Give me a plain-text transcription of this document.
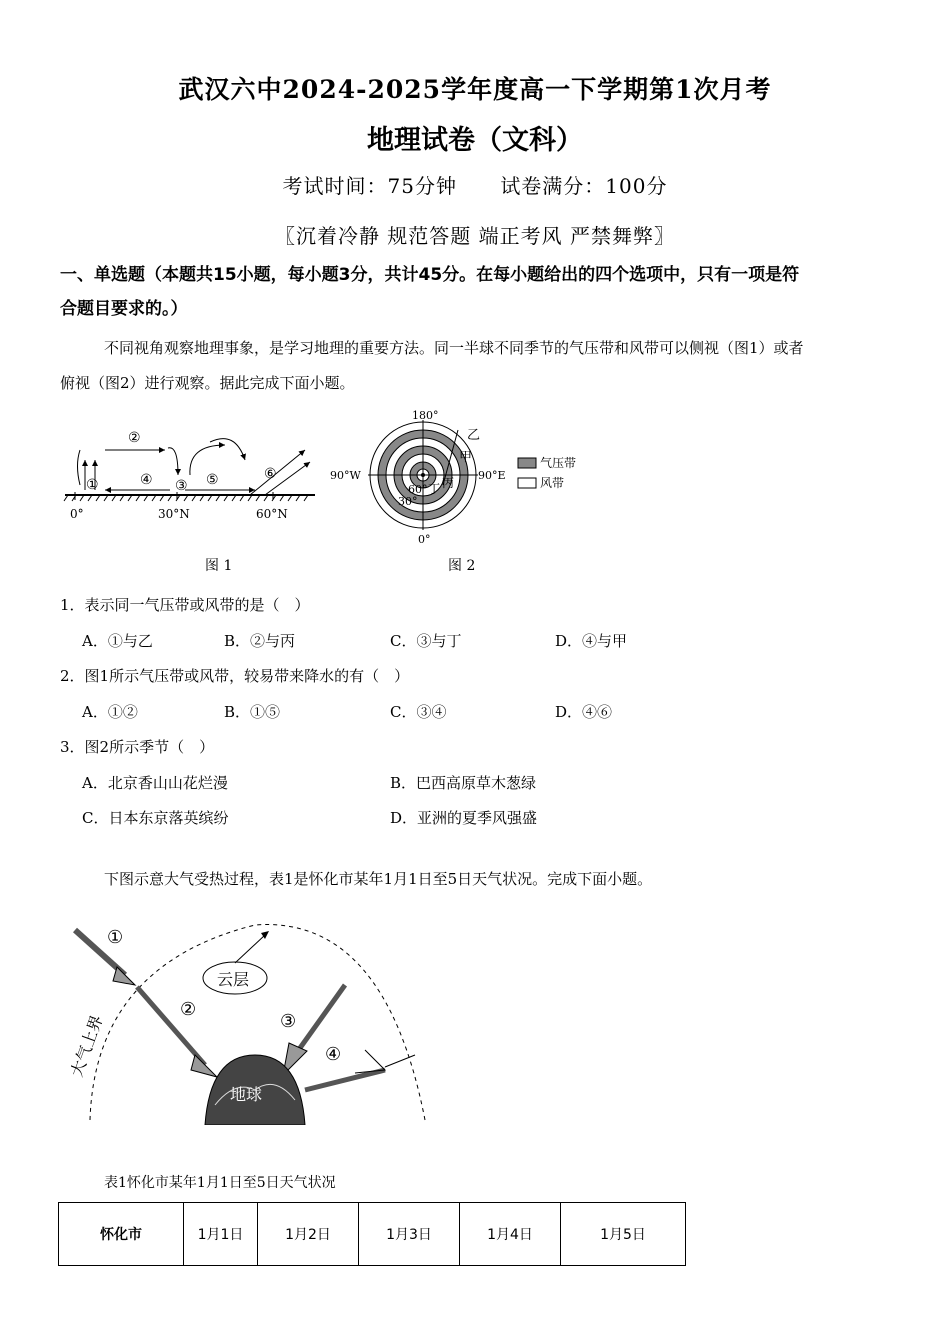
武汉六中2024-2025学年度高一下学期第1次月考
地理试卷（文科）
考试时间：75分钟 试卷满分：100分
〖沉着冷静 规范答题 端正考风 严禁舞弊〗
一、单选题（本题共15小题，每小题3分，共计45分。在每小题给出的四个选项中，只有一项是符
合题目要求的。）
不同视角观察地理事象，是学习地理的重要方法。同一半球不同季节的气压带和风带可以侧视（图1）或者
俯视（图2）进行观察。据此完成下面小题。
②
①	④ ③ ⑤	⑥
0°	30°N	60°N
图 1
180°
90°W	90°E
0°
乙
甲
丙
丁
60°
30°
气压带
风带
图 2
1．表示同一气压带或风带的是（　）
A．①与乙	B．②与丙	C．③与丁	D．④与甲
2．图1所示气压带或风带，较易带来降水的有（　）
A．①②	B．①⑤	C．③④	D．④⑥
3．图2所示季节（　）
A．北京香山山花烂漫	B．巴西高原草木葱绿
C．日本东京落英缤纷	D．亚洲的夏季风强盛
下图示意大气受热过程，表1是怀化市某年1月1日至5日天气状况。完成下面小题。
①
②
③
④
云层
地球
大气上界
表1怀化市某年1月1日至5日天气状况
怀化市	1月1日	1月2日	1月3日	1月4日	1月5日
